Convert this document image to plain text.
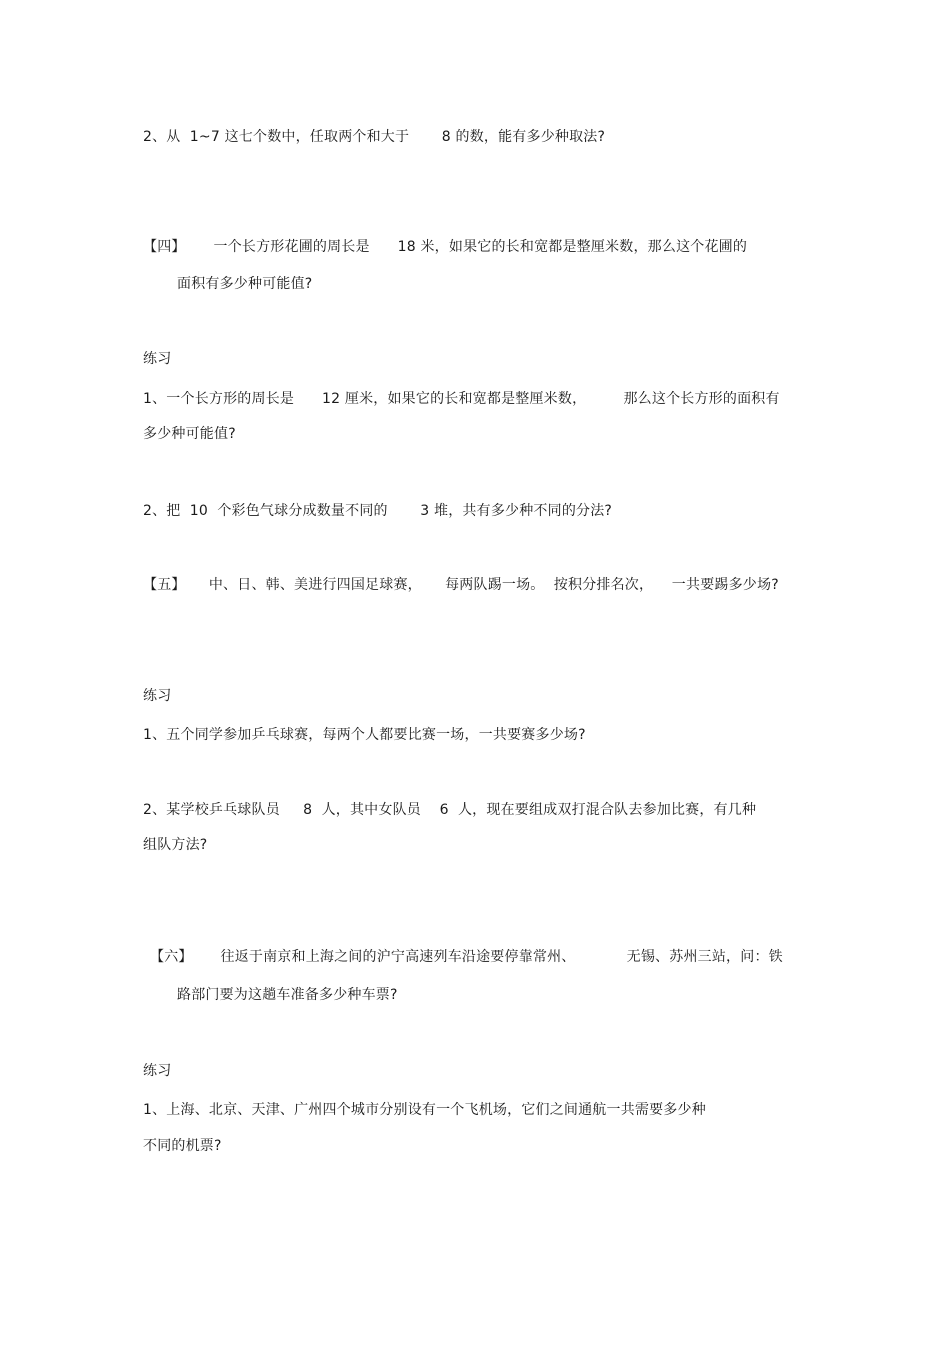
2、从  1~7 这七个数中，任取两个和大于       8 的数，能有多少种取法?
【四】      一个长方形花圃的周长是      18 米，如果它的长和宽都是整厘米数，那么这个花圃的
面积有多少种可能值?
练习
1、一个长方形的周长是      12 厘米，如果它的长和宽都是整厘米数，        那么这个长方形的面积有
多少种可能值?
2、把  10  个彩色气球分成数量不同的       3 堆，共有多少种不同的分法?
【五】     中、日、韩、美进行四国足球赛，     每两队踢一场。  按积分排名次，    一共要踢多少场?
练习
1、五个同学参加乒乓球赛，每两个人都要比赛一场，一共要赛多少场?
2、某学校乒乓球队员     8  人，其中女队员    6  人，现在要组成双打混合队去参加比赛，有几种
组队方法?
【六】      往返于南京和上海之间的沪宁高速列车沿途要停靠常州、           无锡、苏州三站，问：铁
路部门要为这趟车准备多少种车票?
练习
1、上海、北京、天津、广州四个城市分别设有一个飞机场，它们之间通航一共需要多少种
不同的机票?
